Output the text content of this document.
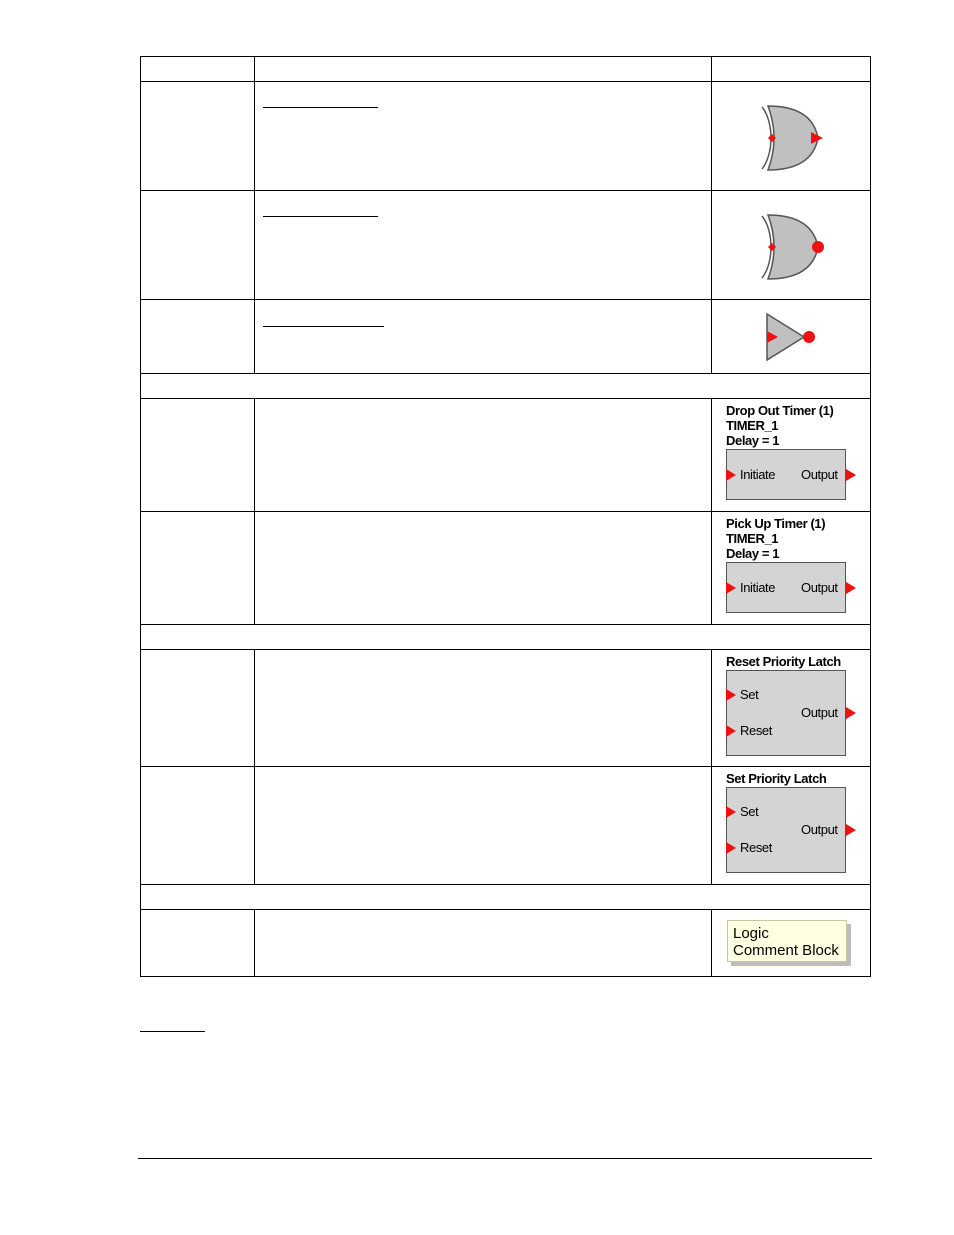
		Drop Out Timer (1)
TIMER_1
Delay = 1
Initiate Output

		Pick Up Timer (1)
TIMER_1
Delay = 1
Initiate Output

		Reset Priority Latch
Set
Reset
Output

		Set Priority Latch
Set
Reset
Output

		Logic
Comment Block
